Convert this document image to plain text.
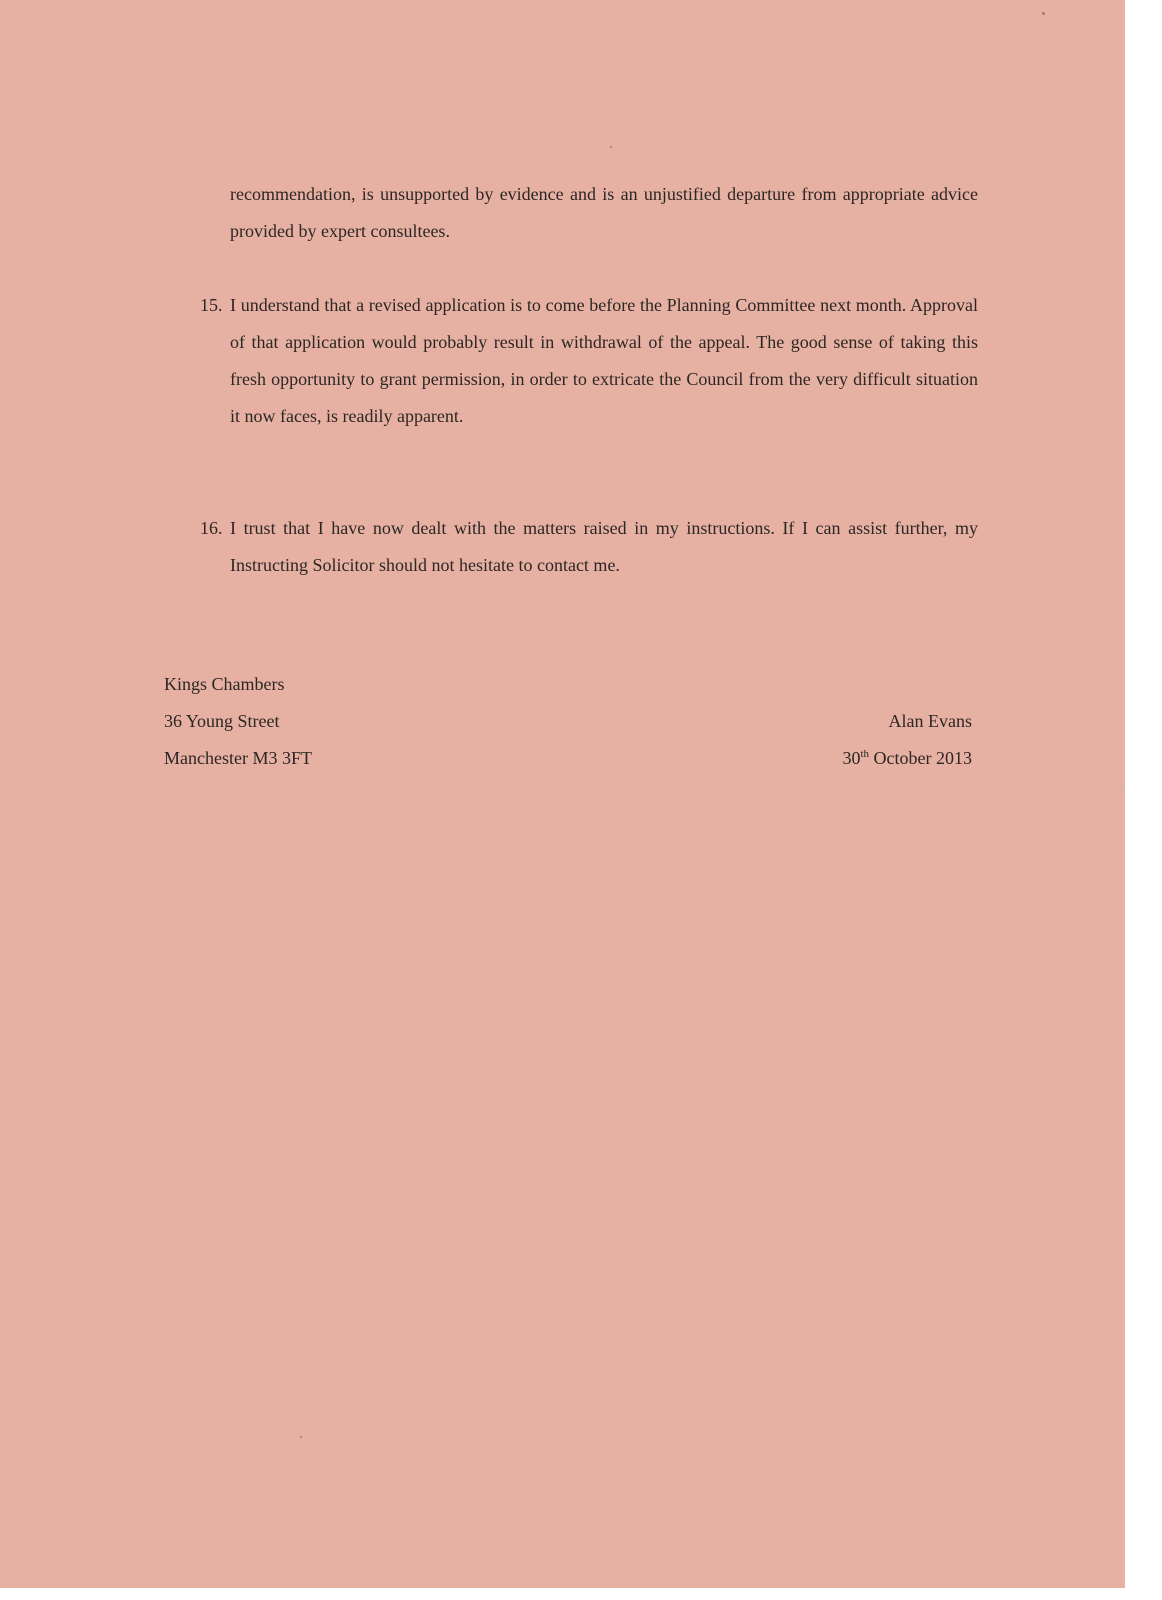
recommendation, is unsupported by evidence and is an unjustified departure from appropriate advice provided by expert consultees.

15. I understand that a revised application is to come before the Planning Committee next month. Approval of that application would probably result in withdrawal of the appeal. The good sense of taking this fresh opportunity to grant permission, in order to extricate the Council from the very difficult situation it now faces, is readily apparent.
16. I trust that I have now dealt with the matters raised in my instructions. If I can assist further, my Instructing Solicitor should not hesitate to contact me.
Kings Chambers
36 Young Street
Manchester M3 3FT
Alan Evans
30th October 2013
